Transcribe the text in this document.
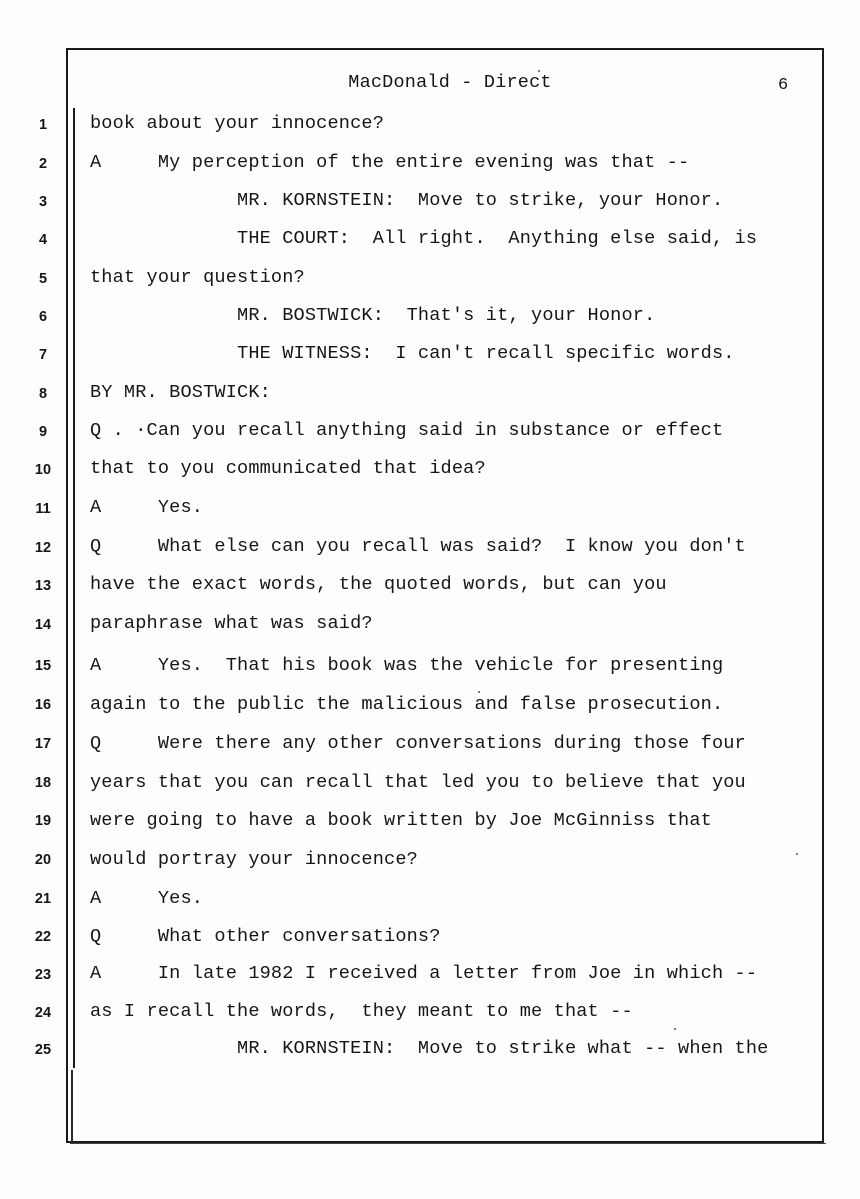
MacDonald - Direct	6
1
2
3
4
5
6
7
8
9
10
11
12
13
14
15
16
17
18
19
20
21
22
23
24
25
book about your innocence?
A     My perception of the entire evening was that --
MR. KORNSTEIN:  Move to strike, your Honor.
THE COURT:  All right.  Anything else said, is
that your question?
MR. BOSTWICK:  That's it, your Honor.
THE WITNESS:  I can't recall specific words.
BY MR. BOSTWICK:
Q . ·Can you recall anything said in substance or effect
that to you communicated that idea?
A     Yes.
Q     What else can you recall was said?  I know you don't
have the exact words, the quoted words, but can you
paraphrase what was said?
A     Yes.  That his book was the vehicle for presenting
again to the public the malicious and false prosecution.
Q     Were there any other conversations during those four
years that you can recall that led you to believe that you
were going to have a book written by Joe McGinniss that
would portray your innocence?
A     Yes.
Q     What other conversations?
A     In late 1982 I received a letter from Joe in which --
as I recall the words,  they meant to me that --
MR. KORNSTEIN:  Move to strike what -- when the
